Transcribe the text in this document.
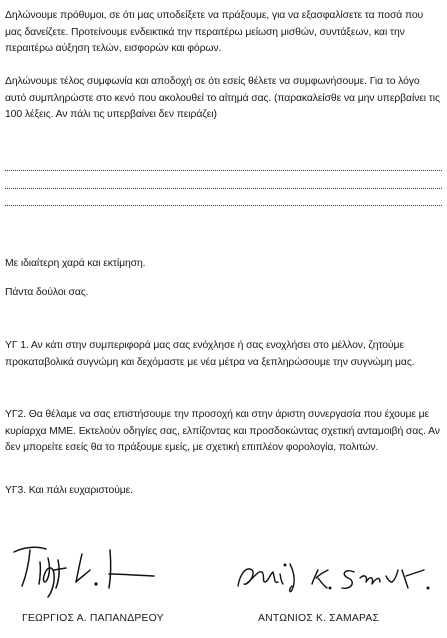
Δηλώνουμε πρόθυμοι, σε ότι μας υποδείξετε να πράξουμε, για να εξασφαλίσετε τα ποσά που μας δανείζετε. Προτείνουμε ενδεικτικά την περαιτέρω μείωση μισθών, συντάξεων, και την περαιτέρω αύξηση τελών, εισφορών και φόρων.

Δηλώνουμε τέλος συμφωνία και αποδοχή σε ότι εσείς θέλετε να συμφωνήσουμε. Για το λόγο αυτό συμπληρώστε στο κενό που ακολουθεί το αίτημά σας. (παρακαλείσθε να μην υπερβαίνει τις 100 λέξεις. Αν πάλι τις υπερβαίνει δεν πειράζει)

Με ιδιαίτερη χαρά και εκτίμηση.

Πάντα δούλοι σας.

ΥΓ 1. Αν κάτι στην συμπεριφορά μας σας ενόχλησε ή σας ενοχλήσει στο μέλλον, ζητούμε προκαταβολικά συγνώμη και δεχόμαστε με νέα μέτρα να ξεπληρώσουμε την συγνώμη μας.

ΥΓ2. Θα θέλαμε να σας επιστήσουμε την προσοχή και στην άριστη συνεργασία που έχουμε με κυρίαρχα ΜΜΕ. Εκτελούν οδηγίες σας, ελπίζοντας και προσδοκώντας σχετική ανταμοιβή σας. Αν δεν μπορείτε εσείς θα το πράξουμε εμείς, με σχετική επιπλέον φορολογία, πολιτών.

ΥΓ3. Και πάλι ευχαριστούμε.

ΓΕΩΡΓΙΟΣ Α. ΠΑΠΑΝΔΡΕΟΥ	ΑΝΤΩΝΙΟΣ Κ. ΣΑΜΑΡΑΣ
